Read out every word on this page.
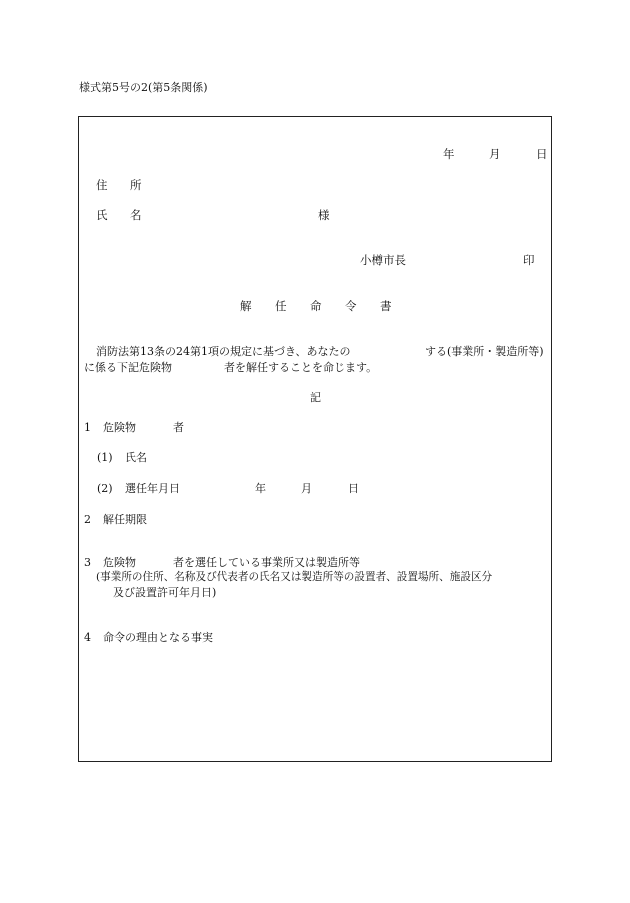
様式第5号の2(第5条関係)
年	月	日
住 所
氏 名	様
小樽市長	印
解 任 命 令 書
消防法第13条の24第1項の規定に基づき、あなたの	する(事業所・製造所等)
に係る下記危険物	者を解任することを命じます。
記
1 危険物	者
(1) 氏名
(2) 選任年月日	年	月	日
2 解任期限
3 危険物	者を選任している事業所又は製造所等
(事業所の住所、名称及び代表者の氏名又は製造所等の設置者、設置場所、施設区分
及び設置許可年月日)
4 命令の理由となる事実
